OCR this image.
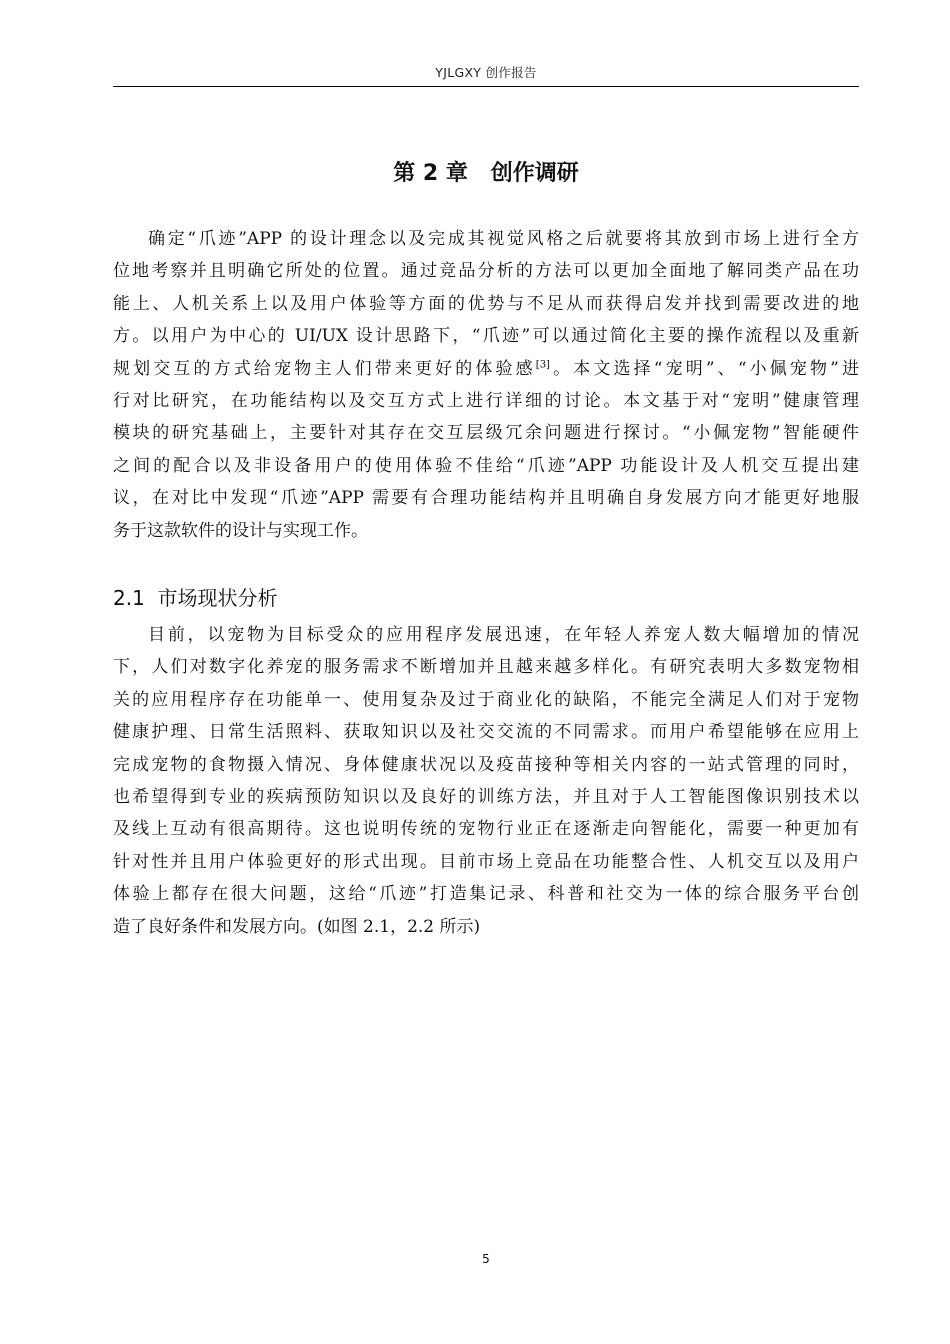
YJLGXY 创作报告
第 2 章   创作调研
确定“爪迹”APP 的设计理念以及完成其视觉风格之后就要将其放到市场上进行全方
位地考察并且明确它所处的位置。通过竞品分析的方法可以更加全面地了解同类产品在功
能上、人机关系上以及用户体验等方面的优势与不足从而获得启发并找到需要改进的地
方。以用户为中心的 UI/UX 设计思路下，“爪迹”可以通过简化主要的操作流程以及重新
规划交互的方式给宠物主人们带来更好的体验感[3]。本文选择“宠明”、“小佩宠物”进
行对比研究，在功能结构以及交互方式上进行详细的讨论。本文基于对“宠明”健康管理
模块的研究基础上，主要针对其存在交互层级冗余问题进行探讨。“小佩宠物”智能硬件
之间的配合以及非设备用户的使用体验不佳给“爪迹”APP 功能设计及人机交互提出建
议，在对比中发现“爪迹”APP 需要有合理功能结构并且明确自身发展方向才能更好地服
务于这款软件的设计与实现工作。
2.1  市场现状分析
目前，以宠物为目标受众的应用程序发展迅速，在年轻人养宠人数大幅增加的情况
下，人们对数字化养宠的服务需求不断增加并且越来越多样化。有研究表明大多数宠物相
关的应用程序存在功能单一、使用复杂及过于商业化的缺陷，不能完全满足人们对于宠物
健康护理、日常生活照料、获取知识以及社交交流的不同需求。而用户希望能够在应用上
完成宠物的食物摄入情况、身体健康状况以及疫苗接种等相关内容的一站式管理的同时，
也希望得到专业的疾病预防知识以及良好的训练方法，并且对于人工智能图像识别技术以
及线上互动有很高期待。这也说明传统的宠物行业正在逐渐走向智能化，需要一种更加有
针对性并且用户体验更好的形式出现。目前市场上竞品在功能整合性、人机交互以及用户
体验上都存在很大问题，这给“爪迹”打造集记录、科普和社交为一体的综合服务平台创
造了良好条件和发展方向。(如图 2.1，2.2 所示)
5
